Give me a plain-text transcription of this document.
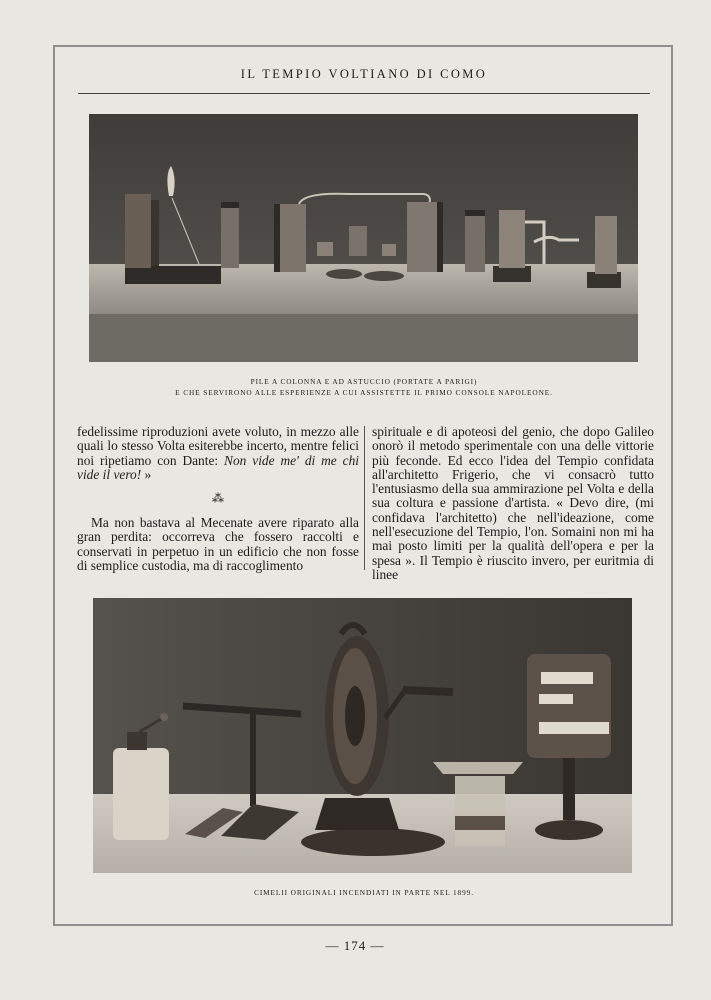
IL TEMPIO VOLTIANO DI COMO
PILE A COLONNA E AD ASTUCCIO (PORTATE A PARIGI)
E CHE SERVIRONO ALLE ESPERIENZE A CUI ASSISTETTE IL PRIMO CONSOLE NAPOLEONE.

fedelissime riproduzioni avete voluto, in mezzo alle quali lo stesso Volta esiterebbe incerto, mentre felici noi ripetiamo con Dante: Non vide me' di me chi vide il vero! »

⁂

Ma non bastava al Mecenate avere riparato alla gran perdita: occorreva che fossero raccolti e conservati in perpetuo in un edificio che non fosse di semplice custodia, ma di raccoglimento

spirituale e di apoteosi del genio, che dopo Galileo onorò il metodo sperimentale con una delle vittorie più feconde. Ed ecco l'idea del Tempio confidata all'architetto Frigerio, che vi consacrò tutto l'entusiasmo della sua ammirazione pel Volta e della sua coltura e passione d'artista. « Devo dire, (mi confidava l'architetto) che nell'ideazione, come nell'esecuzione del Tempio, l'on. Somaini non mi ha mai posto limiti per la qualità dell'opera e per la spesa ». Il Tempio è riuscito invero, per euritmia di linee

CIMELII ORIGINALI INCENDIATI IN PARTE NEL 1899.
— 174 —
